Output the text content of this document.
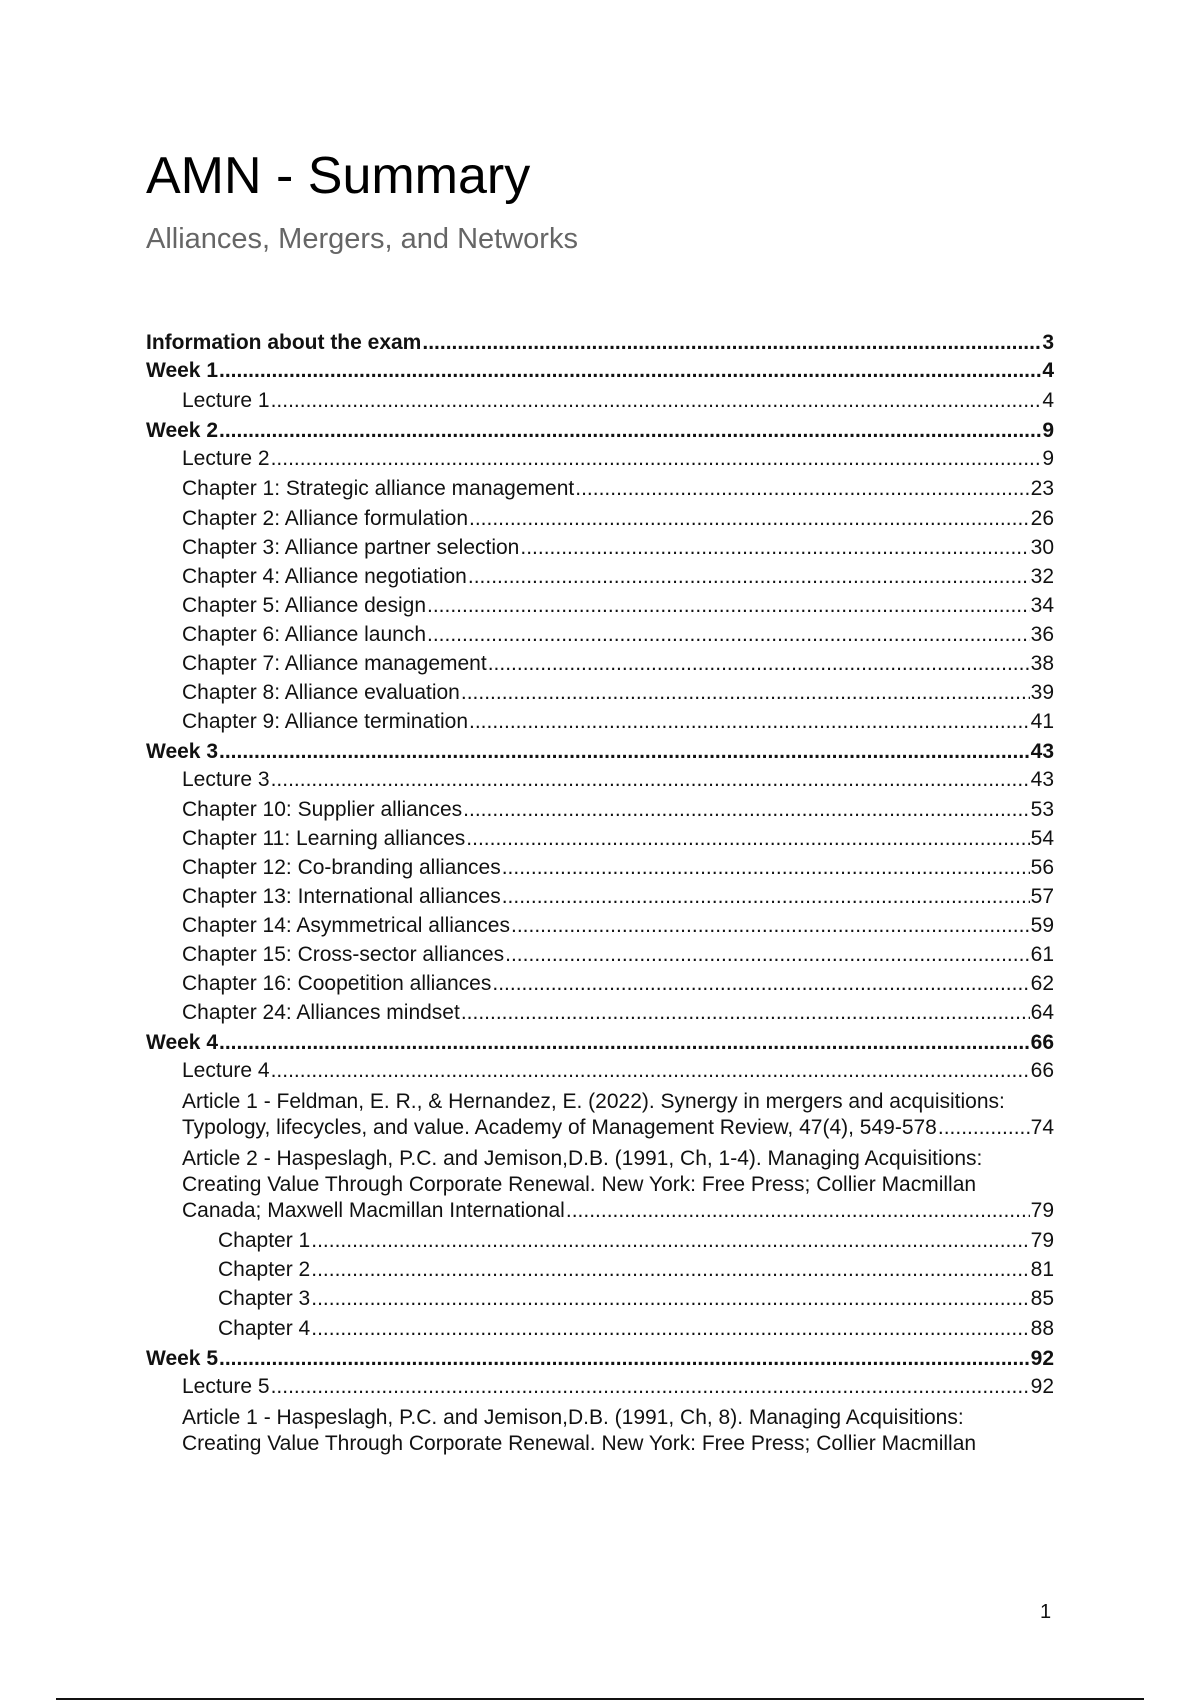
AMN - Summary
Alliances, Mergers, and Networks
Information about the exam .....	3
Week 1 .....	4
Lecture 1 .....	4
Week 2 .....	9
Lecture 2 .....	9
Chapter 1: Strategic alliance management .....	23
Chapter 2: Alliance formulation .....	26
Chapter 3: Alliance partner selection .....	30
Chapter 4: Alliance negotiation .....	32
Chapter 5: Alliance design .....	34
Chapter 6: Alliance launch .....	36
Chapter 7: Alliance management .....	38
Chapter 8: Alliance evaluation .....	39
Chapter 9: Alliance termination .....	41
Week 3 .....	43
Lecture 3 .....	43
Chapter 10: Supplier alliances .....	53
Chapter 11: Learning alliances .....	54
Chapter 12: Co-branding alliances .....	56
Chapter 13: International alliances .....	57
Chapter 14: Asymmetrical alliances .....	59
Chapter 15: Cross-sector alliances .....	61
Chapter 16: Coopetition alliances .....	62
Chapter 24: Alliances mindset .....	64
Week 4 .....	66
Lecture 4 .....	66
Article 1 - Feldman, E. R., & Hernandez, E. (2022). Synergy in mergers and acquisitions:
Typology, lifecycles, and value. Academy of Management Review, 47(4), 549-578 .....	74
Article 2 - Haspeslagh, P.C. and Jemison,D.B. (1991, Ch, 1-4). Managing Acquisitions:
Creating Value Through Corporate Renewal. New York: Free Press; Collier Macmillan
Canada; Maxwell Macmillan International .....	79
Chapter 1 .....	79
Chapter 2 .....	81
Chapter 3 .....	85
Chapter 4 .....	88
Week 5 .....	92
Lecture 5 .....	92
Article 1 - Haspeslagh, P.C. and Jemison,D.B. (1991, Ch, 8). Managing Acquisitions:
Creating Value Through Corporate Renewal. New York: Free Press; Collier Macmillan
1
